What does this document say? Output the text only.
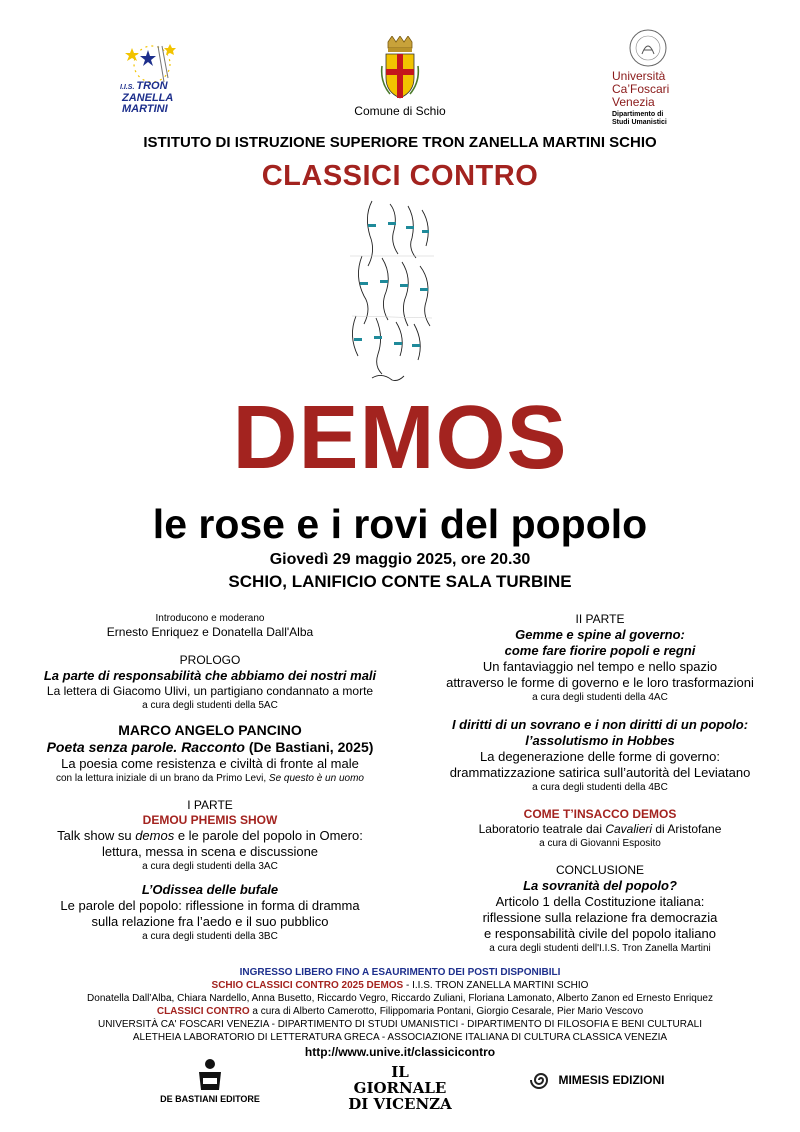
I.I.S. TRON
ZANELLA
MARTINI	Comune di Schio
Università
Ca’Foscari
Venezia
Dipartimento di
Studi Umanistici
ISTITUTO DI ISTRUZIONE SUPERIORE TRON ZANELLA MARTINI SCHIO
CLASSICI CONTRO
DEMOS
le rose e i rovi del popolo
Giovedì 29 maggio 2025, ore 20.30
SCHIO, LANIFICIO CONTE SALA TURBINE
Introducono e moderano
Ernesto Enriquez e Donatella Dall'Alba
PROLOGO
La parte di responsabilità che abbiamo dei nostri mali
La lettera di Giacomo Ulivi, un partigiano condannato a morte
a cura degli studenti della 5AC
MARCO ANGELO PANCINO
Poeta senza parole. Racconto (De Bastiani, 2025)
La poesia come resistenza e civiltà di fronte al male
con la lettura iniziale di un brano da Primo Levi, Se questo è un uomo
I PARTE
DEMOU PHEMIS SHOW
Talk show su demos e le parole del popolo in Omero:
lettura, messa in scena e discussione
a cura degli studenti della 3AC
L’Odissea delle bufale
Le parole del popolo: riflessione in forma di dramma
sulla relazione fra l’aedo e il suo pubblico
a cura degli studenti della 3BC
II PARTE
Gemme e spine al governo:
come fare fiorire popoli e regni
Un fantaviaggio nel tempo e nello spazio
attraverso le forme di governo e le loro trasformazioni
a cura degli studenti della 4AC
I diritti di un sovrano e i non diritti di un popolo:
l’assolutismo in Hobbes
La degenerazione delle forme di governo:
drammatizzazione satirica sull’autorità del Leviatano
a cura degli studenti della 4BC
COME T’INSACCO DEMOS
Laboratorio teatrale dai Cavalieri di Aristofane
a cura di Giovanni Esposito
CONCLUSIONE
La sovranità del popolo?
Articolo 1 della Costituzione italiana:
riflessione sulla relazione fra democrazia
e responsabilità civile del popolo italiano
a cura degli studenti dell'I.I.S. Tron Zanella Martini
INGRESSO LIBERO FINO A ESAURIMENTO DEI POSTI DISPONIBILI
SCHIO CLASSICI CONTRO 2025 DEMOS - I.I.S. TRON ZANELLA MARTINI SCHIO
Donatella Dall’Alba, Chiara Nardello, Anna Busetto, Riccardo Vegro, Riccardo Zuliani, Floriana Lamonato, Alberto Zanon ed Ernesto Enriquez
CLASSICI CONTRO a cura di Alberto Camerotto, Filippomaria Pontani, Giorgio Cesarale, Pier Mario Vescovo
UNIVERSITÀ CA' FOSCARI VENEZIA - DIPARTIMENTO DI STUDI UMANISTICI - DIPARTIMENTO DI FILOSOFIA E BENI CULTURALI
ALETHEIA LABORATORIO DI LETTERATURA GRECA - ASSOCIAZIONE ITALIANA DI CULTURA CLASSICA VENEZIA
http://www.unive.it/classicicontro
DE BASTIANI EDITORE
IL GIORNALE
DI VICENZA
MIMESIS EDIZIONI
